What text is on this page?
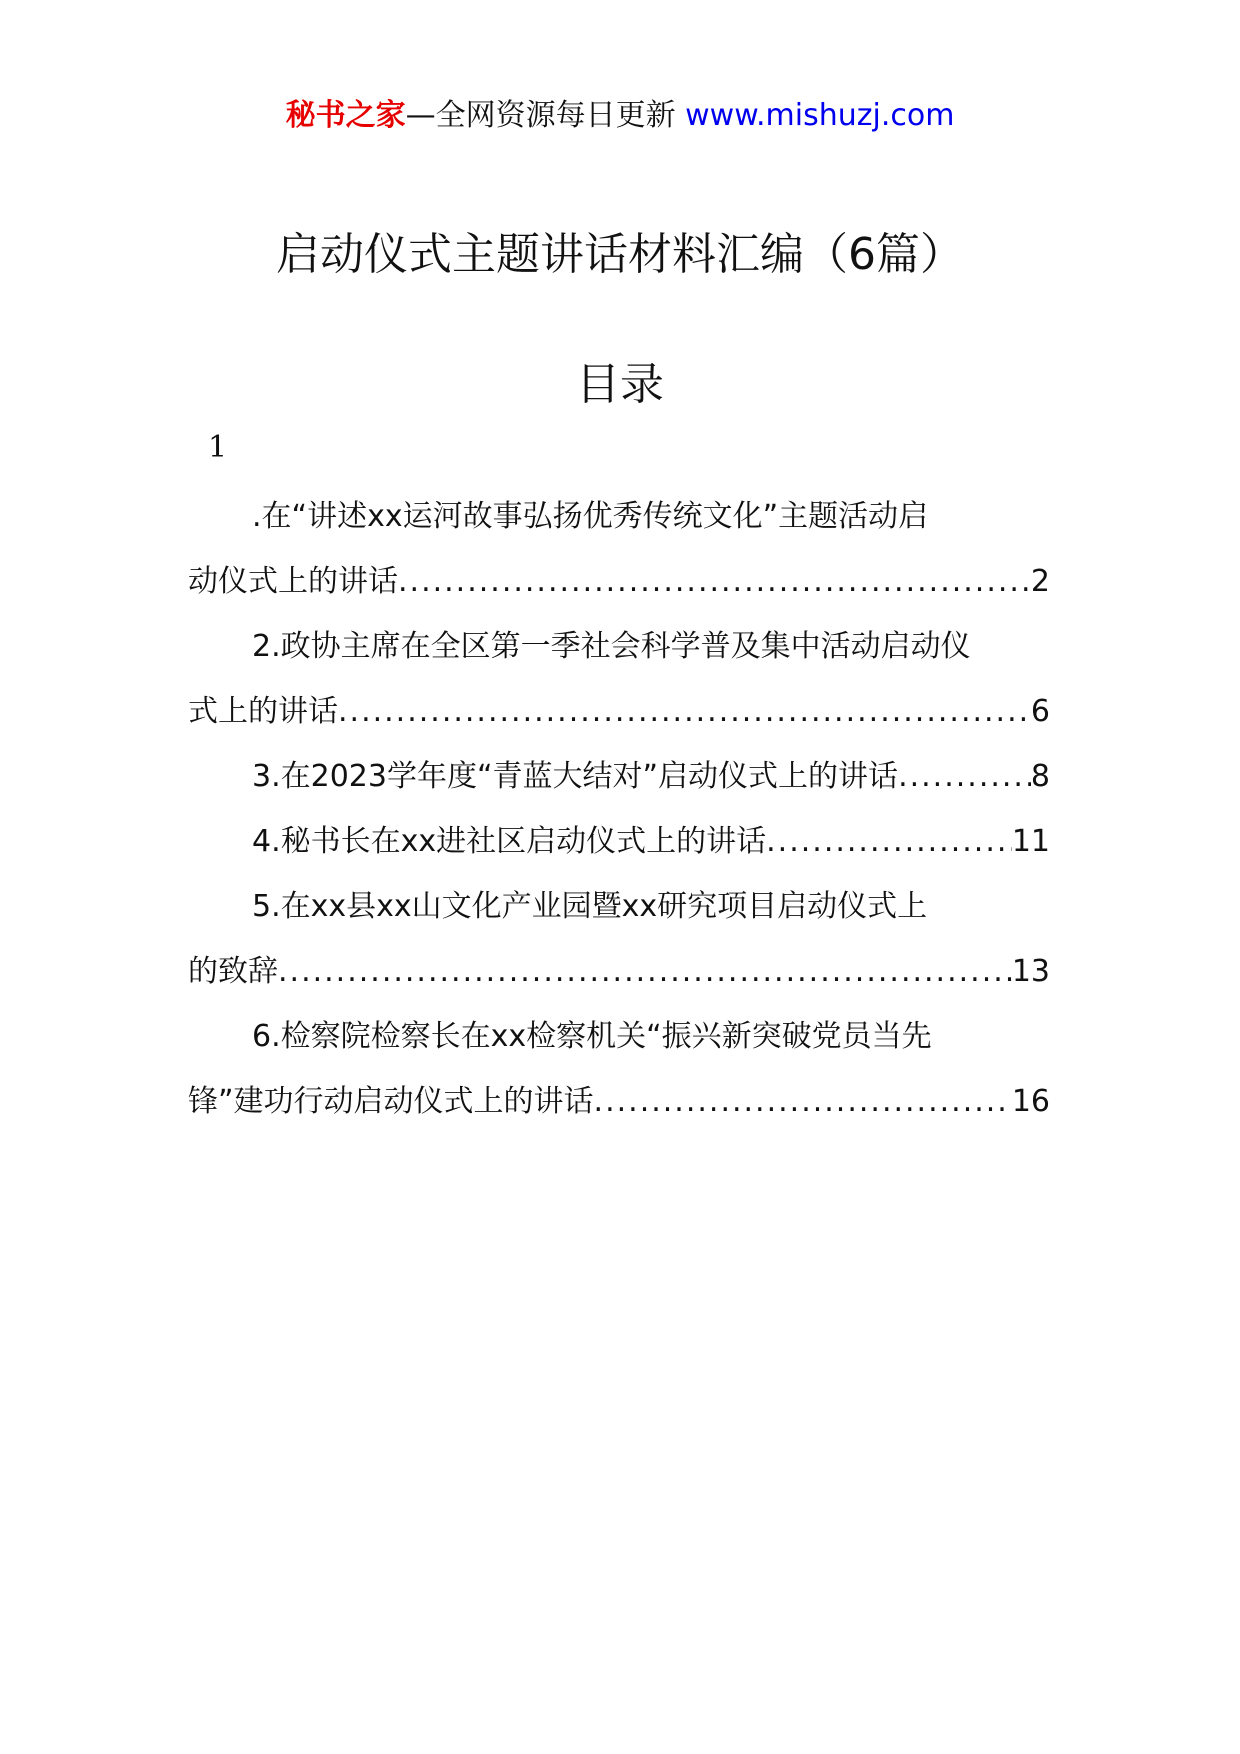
秘书之家—全网资源每日更新 www.mishuzj.com
启动仪式主题讲话材料汇编（6篇）
目录
1
.在“讲述xx运河故事弘扬优秀传统文化”主题活动启
动仪式上的讲话 .....	2
2.政协主席在全区第一季社会科学普及集中活动启动仪
式上的讲话 .....	6
3.在2023学年度“青蓝大结对”启动仪式上的讲话 .....	8
4.秘书长在xx进社区启动仪式上的讲话 .....	11
5.在xx县xx山文化产业园暨xx研究项目启动仪式上
的致辞 .....	13
6.检察院检察长在xx检察机关“振兴新突破党员当先
锋”建功行动启动仪式上的讲话 .....	16
